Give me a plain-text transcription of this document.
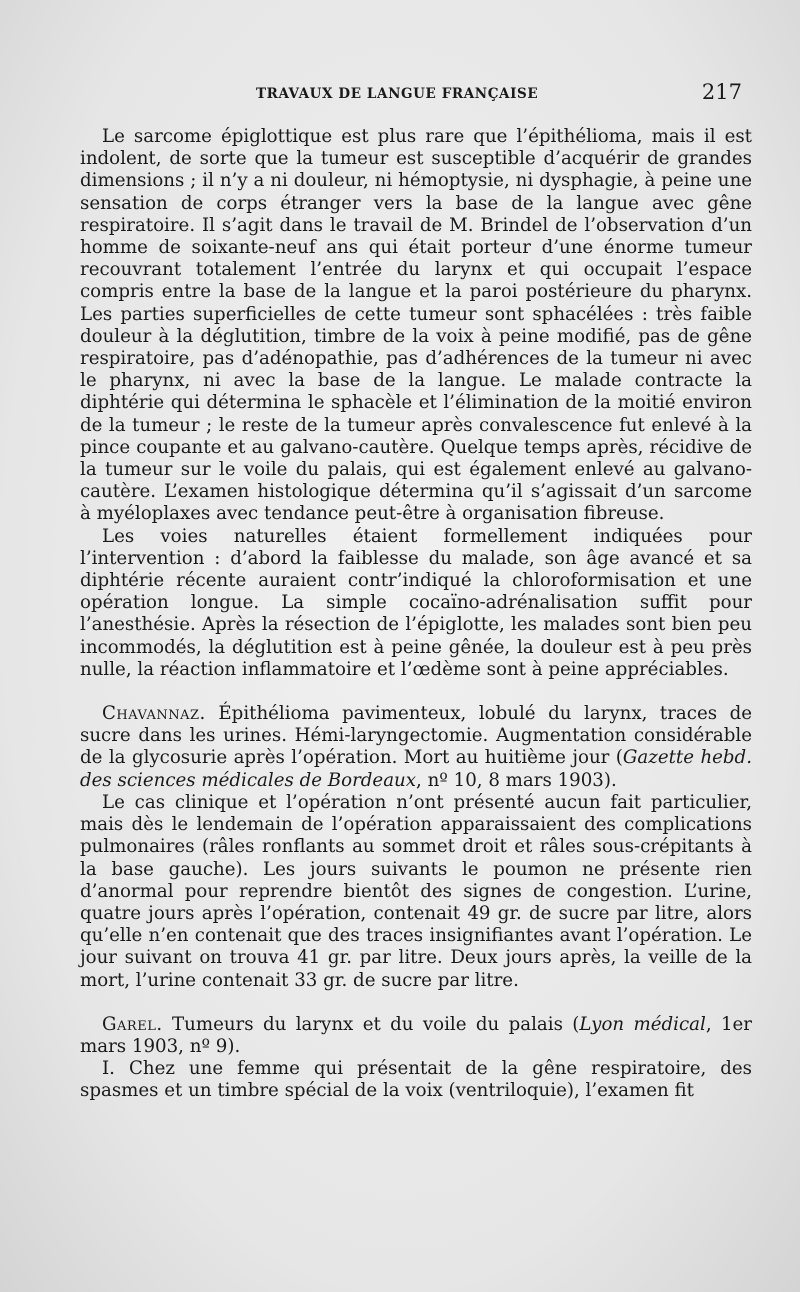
TRAVAUX DE LANGUE FRANÇAISE	217

Le sarcome épiglottique est plus rare que l’épithélioma, mais il est indolent, de sorte que la tumeur est susceptible d’acquérir de grandes dimensions ; il n’y a ni douleur, ni hémoptysie, ni dysphagie, à peine une sensation de corps étranger vers la base de la langue avec gêne respiratoire. Il s’agit dans le travail de M. Brindel de l’observation d’un homme de soixante-neuf ans qui était porteur d’une énorme tumeur recouvrant totalement l’entrée du larynx et qui occupait l’espace compris entre la base de la langue et la paroi postérieure du pharynx. Les parties superficielles de cette tumeur sont sphacélées : très faible douleur à la déglutition, timbre de la voix à peine modifié, pas de gêne respiratoire, pas d’adénopathie, pas d’adhérences de la tumeur ni avec le pharynx, ni avec la base de la langue. Le malade contracte la diphtérie qui détermina le sphacèle et l’élimination de la moitié environ de la tumeur ; le reste de la tumeur après convalescence fut enlevé à la pince coupante et au galvano-cautère. Quelque temps après, récidive de la tumeur sur le voile du palais, qui est également enlevé au galvano-cautère. L’examen histologique détermina qu’il s’agissait d’un sarcome à myéloplaxes avec tendance peut-être à organisation fibreuse.

Les voies naturelles étaient formellement indiquées pour l’intervention : d’abord la faiblesse du malade, son âge avancé et sa diphtérie récente auraient contr’indiqué la chloroformisation et une opération longue. La simple cocaïno-adrénalisation suffit pour l’anesthésie. Après la résection de l’épiglotte, les malades sont bien peu incommodés, la déglutition est à peine gênée, la douleur est à peu près nulle, la réaction inflammatoire et l’œdème sont à peine appréciables.

Chavannaz. Épithélioma pavimenteux, lobulé du larynx, traces de sucre dans les urines. Hémi-laryngectomie. Augmentation considérable de la glycosurie après l’opération. Mort au huitième jour (Gazette hebd. des sciences médicales de Bordeaux, nº 10, 8 mars 1903).

Le cas clinique et l’opération n’ont présenté aucun fait particulier, mais dès le lendemain de l’opération apparaissaient des complications pulmonaires (râles ronflants au sommet droit et râles sous-crépitants à la base gauche). Les jours suivants le poumon ne présente rien d’anormal pour reprendre bientôt des signes de congestion. L’urine, quatre jours après l’opération, contenait 49 gr. de sucre par litre, alors qu’elle n’en contenait que des traces insignifiantes avant l’opération. Le jour suivant on trouva 41 gr. par litre. Deux jours après, la veille de la mort, l’urine contenait 33 gr. de sucre par litre.

Garel. Tumeurs du larynx et du voile du palais (Lyon médical, 1er mars 1903, nº 9).

I. Chez une femme qui présentait de la gêne respiratoire, des spasmes et un timbre spécial de la voix (ventriloquie), l’examen fit
